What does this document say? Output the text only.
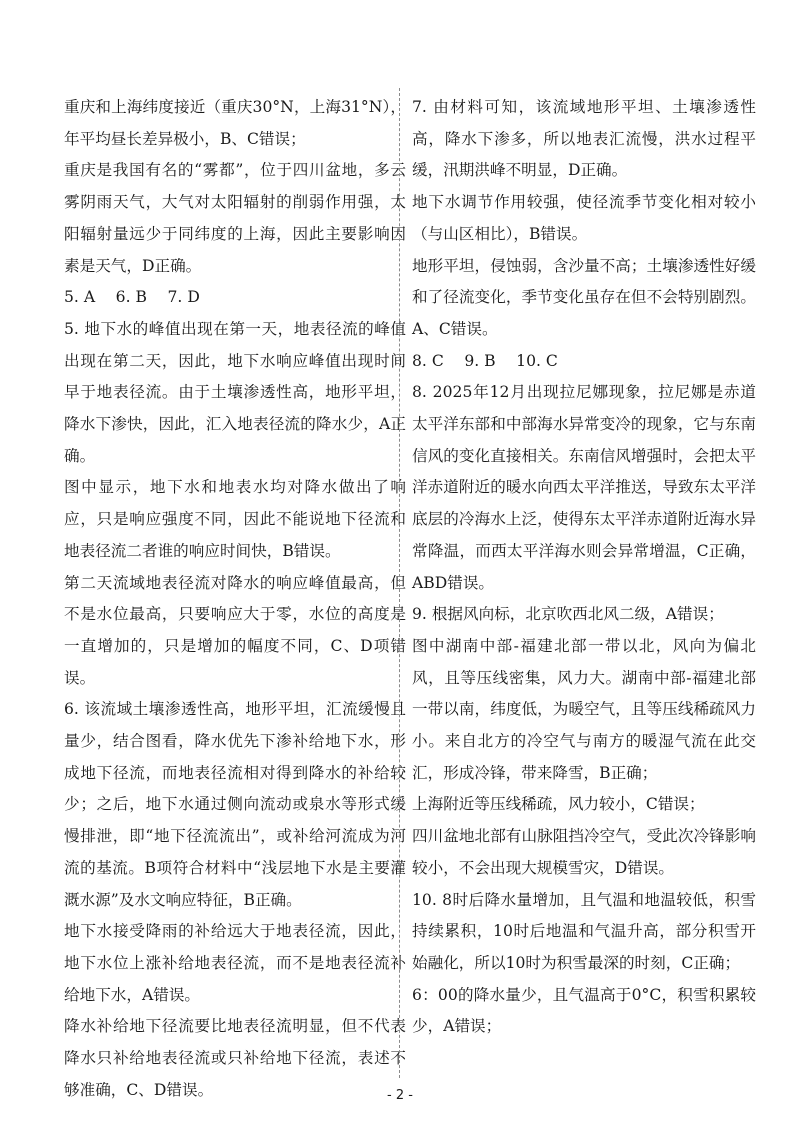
重庆和上海纬度接近（重庆30°N，上海31°N），年平均昼长差异极小，B、C错误；

重庆是我国有名的“雾都”，位于四川盆地，多云雾阴雨天气，大气对太阳辐射的削弱作用强，太阳辐射量远少于同纬度的上海，因此主要影响因素是天气，D正确。

5. A　 6. B　 7. D

5. 地下水的峰值出现在第一天，地表径流的峰值出现在第二天，因此，地下水响应峰值出现时间早于地表径流。由于土壤渗透性高，地形平坦，降水下渗快，因此，汇入地表径流的降水少，A正确。

图中显示，地下水和地表水均对降水做出了响应，只是响应强度不同，因此不能说地下径流和地表径流二者谁的响应时间快，B错误。

第二天流域地表径流对降水的响应峰值最高，但不是水位最高，只要响应大于零，水位的高度是一直增加的，只是增加的幅度不同，C、D项错误。

6. 该流域土壤渗透性高，地形平坦，汇流缓慢且量少，结合图看，降水优先下渗补给地下水，形成地下径流，而地表径流相对得到降水的补给较少；之后，地下水通过侧向流动或泉水等形式缓慢排泄，即“地下径流流出”，或补给河流成为河流的基流。B项符合材料中“浅层地下水是主要灌溉水源”及水文响应特征，B正确。

地下水接受降雨的补给远大于地表径流，因此，地下水位上涨补给地表径流，而不是地表径流补给地下水，A错误。

降水补给地下径流要比地表径流明显，但不代表降水只补给地表径流或只补给地下径流，表述不够准确，C、D错误。

7. 由材料可知，该流域地形平坦、土壤渗透性高，降水下渗多，所以地表汇流慢，洪水过程平缓，汛期洪峰不明显，D正确。

地下水调节作用较强，使径流季节变化相对较小（与山区相比），B错误。

地形平坦，侵蚀弱，含沙量不高；土壤渗透性好缓和了径流变化，季节变化虽存在但不会特别剧烈。A、C错误。

8. C　 9. B　 10. C

8. 2025年12月出现拉尼娜现象，拉尼娜是赤道太平洋东部和中部海水异常变冷的现象，它与东南信风的变化直接相关。东南信风增强时，会把太平洋赤道附近的暖水向西太平洋推送，导致东太平洋底层的冷海水上泛，使得东太平洋赤道附近海水异常降温，而西太平洋海水则会异常增温，C正确，ABD错误。

9. 根据风向标，北京吹西北风二级，A错误；

图中湖南中部-福建北部一带以北，风向为偏北风，且等压线密集，风力大。湖南中部-福建北部一带以南，纬度低，为暖空气，且等压线稀疏风力小。来自北方的冷空气与南方的暖湿气流在此交汇，形成冷锋，带来降雪，B正确；

上海附近等压线稀疏，风力较小，C错误；

四川盆地北部有山脉阻挡冷空气，受此次冷锋影响较小，不会出现大规模雪灾，D错误。

10. 8时后降水量增加，且气温和地温较低，积雪持续累积，10时后地温和气温升高，部分积雪开始融化，所以10时为积雪最深的时刻，C正确；

6：00的降水量少，且气温高于0°C，积雪积累较少，A错误；

- 2 -
